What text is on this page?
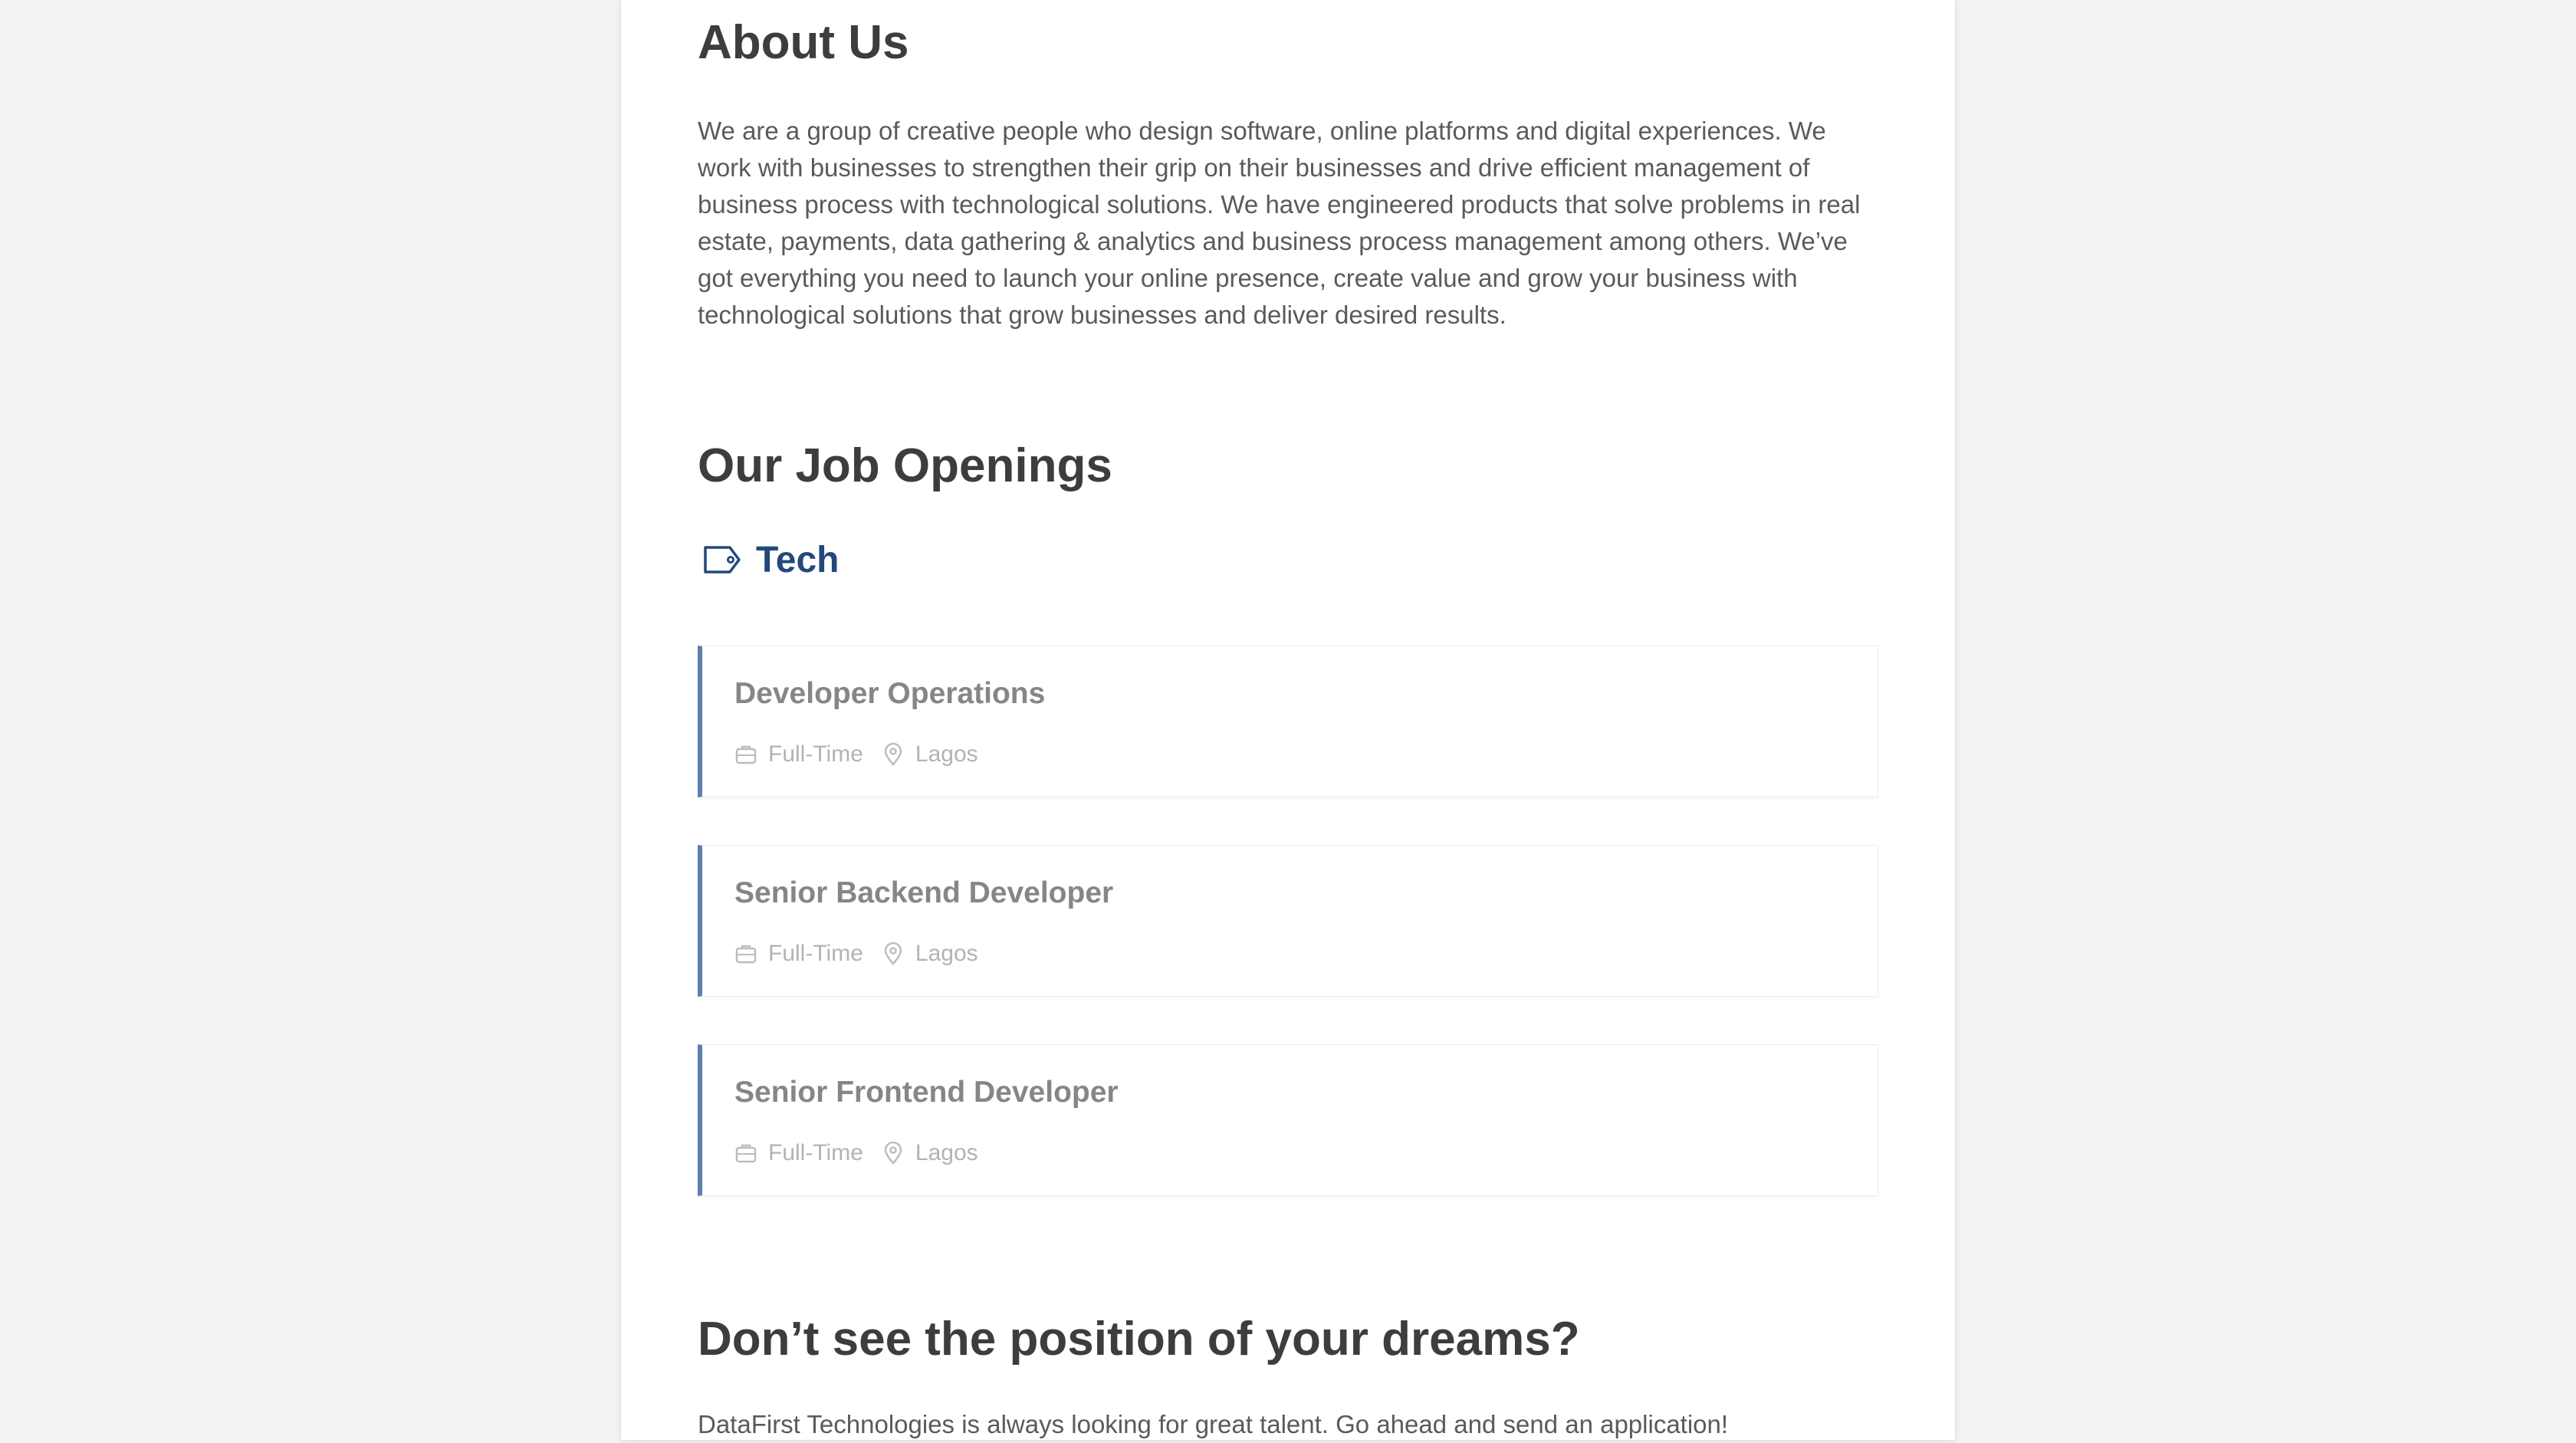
About Us

We are a group of creative people who design software, online platforms and digital experiences. We work with businesses to strengthen their grip on their businesses and drive efficient management of business process with technological solutions. We have engineered products that solve problems in real estate, payments, data gathering & analytics and business process management among others. We’ve got everything you need to launch your online presence, create value and grow your business with technological solutions that grow businesses and deliver desired results.

Our Job Openings
Tech
Developer Operations
Full-Time Lagos
Senior Backend Developer
Full-Time Lagos
Senior Frontend Developer
Full-Time Lagos
Don’t see the position of your dreams?

DataFirst Technologies is always looking for great talent. Go ahead and send an application!
